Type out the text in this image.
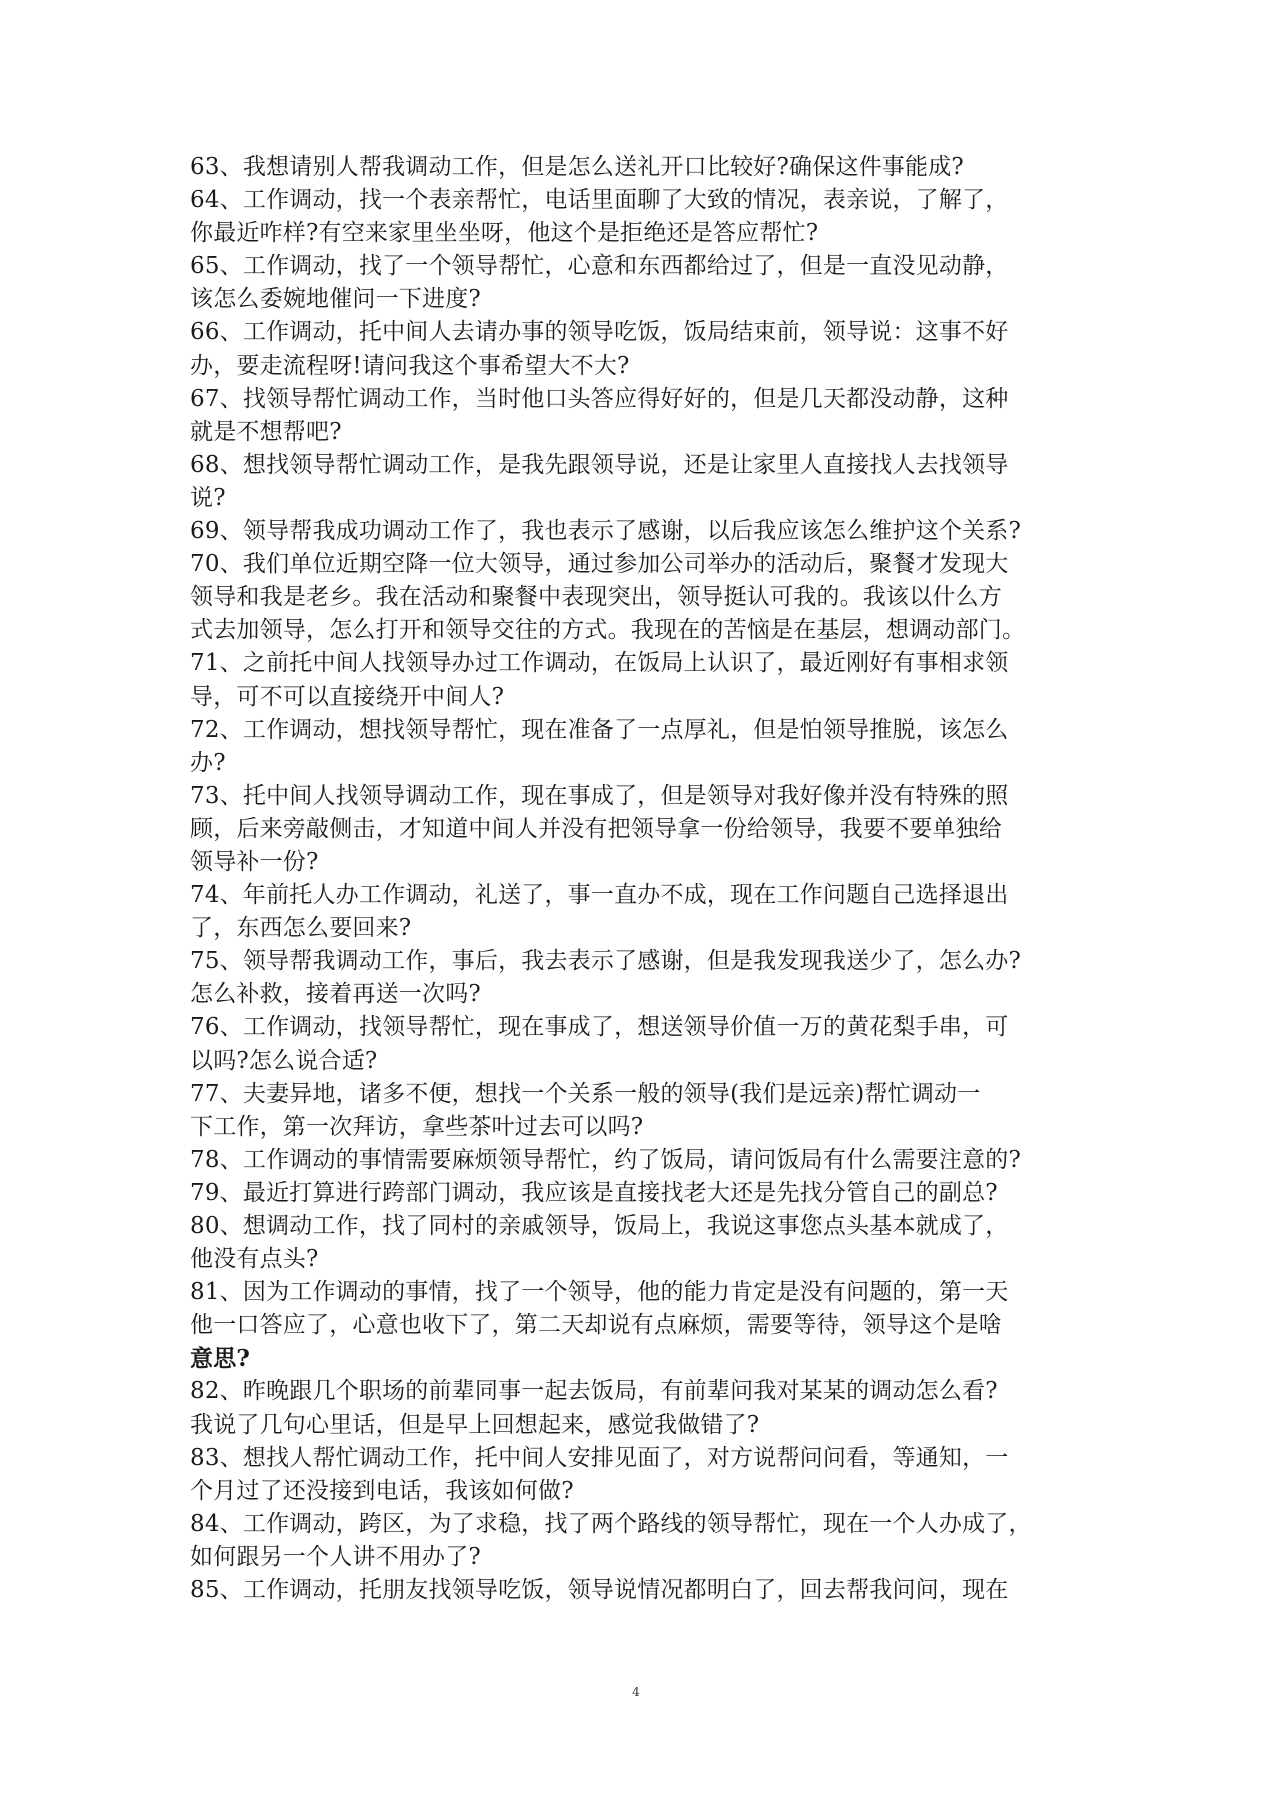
63、我想请别人帮我调动工作，但是怎么送礼开口比较好?确保这件事能成?
64、工作调动，找一个表亲帮忙，电话里面聊了大致的情况，表亲说，了解了，
你最近咋样?有空来家里坐坐呀，他这个是拒绝还是答应帮忙?
65、工作调动，找了一个领导帮忙，心意和东西都给过了，但是一直没见动静，
该怎么委婉地催问一下进度?
66、工作调动，托中间人去请办事的领导吃饭，饭局结束前，领导说：这事不好
办，要走流程呀!请问我这个事希望大不大?
67、找领导帮忙调动工作，当时他口头答应得好好的，但是几天都没动静，这种
就是不想帮吧?
68、想找领导帮忙调动工作，是我先跟领导说，还是让家里人直接找人去找领导
说?
69、领导帮我成功调动工作了，我也表示了感谢，以后我应该怎么维护这个关系?
70、我们单位近期空降一位大领导，通过参加公司举办的活动后，聚餐才发现大
领导和我是老乡。我在活动和聚餐中表现突出，领导挺认可我的。我该以什么方
式去加领导，怎么打开和领导交往的方式。我现在的苦恼是在基层，想调动部门。
71、之前托中间人找领导办过工作调动，在饭局上认识了，最近刚好有事相求领
导，可不可以直接绕开中间人?
72、工作调动，想找领导帮忙，现在准备了一点厚礼，但是怕领导推脱，该怎么
办?
73、托中间人找领导调动工作，现在事成了，但是领导对我好像并没有特殊的照
顾，后来旁敲侧击，才知道中间人并没有把领导拿一份给领导，我要不要单独给
领导补一份?
74、年前托人办工作调动，礼送了，事一直办不成，现在工作问题自己选择退出
了，东西怎么要回来?
75、领导帮我调动工作，事后，我去表示了感谢，但是我发现我送少了，怎么办?
怎么补救，接着再送一次吗?
76、工作调动，找领导帮忙，现在事成了，想送领导价值一万的黄花梨手串，可
以吗?怎么说合适?
77、夫妻异地，诸多不便，想找一个关系一般的领导(我们是远亲)帮忙调动一
下工作，第一次拜访，拿些茶叶过去可以吗?
78、工作调动的事情需要麻烦领导帮忙，约了饭局，请问饭局有什么需要注意的?
79、最近打算进行跨部门调动，我应该是直接找老大还是先找分管自己的副总?
80、想调动工作，找了同村的亲戚领导，饭局上，我说这事您点头基本就成了，
他没有点头?
81、因为工作调动的事情，找了一个领导，他的能力肯定是没有问题的，第一天
他一口答应了，心意也收下了，第二天却说有点麻烦，需要等待，领导这个是啥
意思?
82、昨晚跟几个职场的前辈同事一起去饭局，有前辈问我对某某的调动怎么看?
我说了几句心里话，但是早上回想起来，感觉我做错了?
83、想找人帮忙调动工作，托中间人安排见面了，对方说帮问问看，等通知，一
个月过了还没接到电话，我该如何做?
84、工作调动，跨区，为了求稳，找了两个路线的领导帮忙，现在一个人办成了，
如何跟另一个人讲不用办了?
85、工作调动，托朋友找领导吃饭，领导说情况都明白了，回去帮我问问，现在
4
